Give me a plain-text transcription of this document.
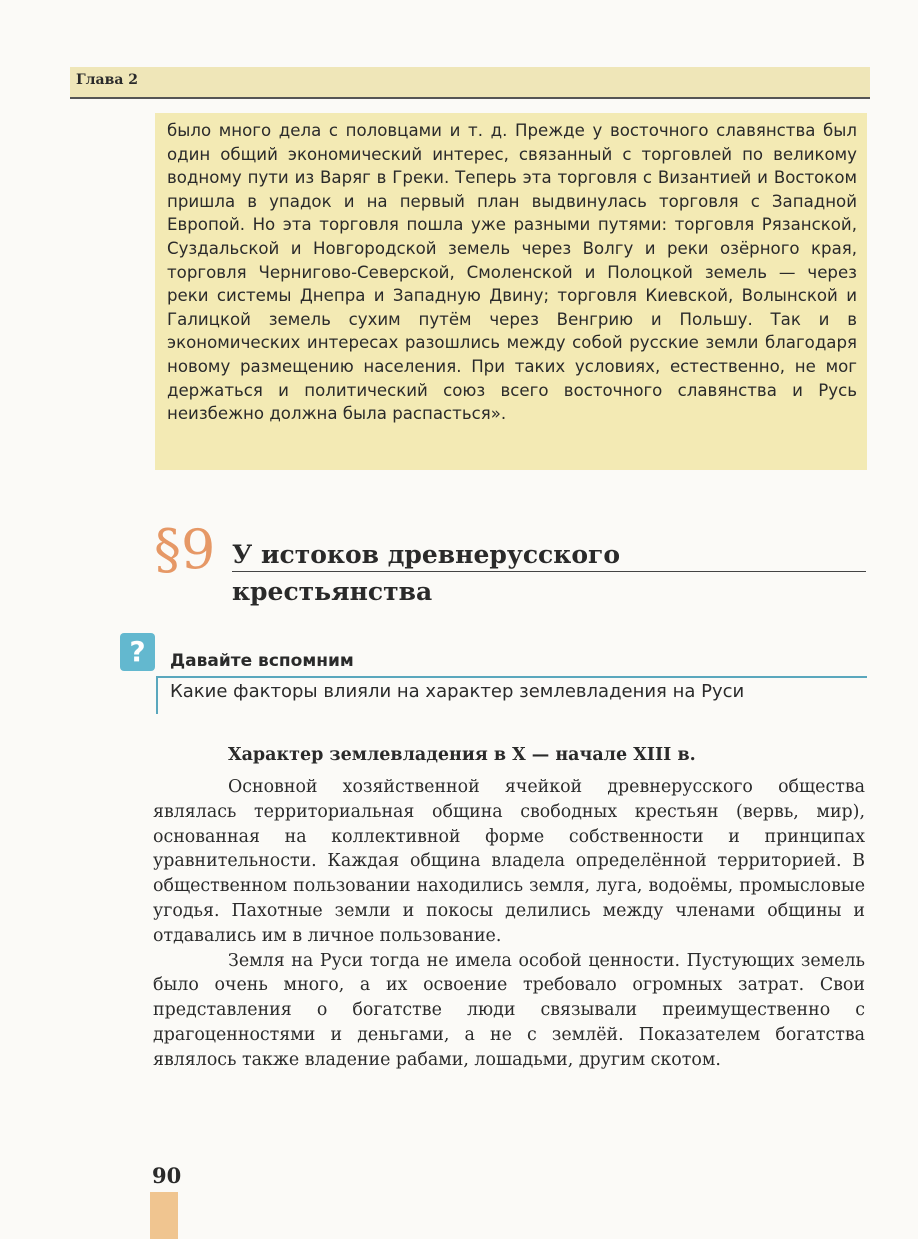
Глава 2
было много дела с половцами и т. д. Прежде у восточного славянства был один общий экономический интерес, связанный с торговлей по великому водному пути из Варяг в Греки. Теперь эта торговля с Византией и Востоком пришла в упадок и на первый план выдвинулась торговля с Западной Европой. Но эта торговля пошла уже разными путями: торговля Рязанской, Суздальской и Новгородской земель через Волгу и реки озёрного края, торговля Чернигово-Северской, Смоленской и Полоцкой земель — через реки системы Днепра и Западную Двину; торговля Киевской, Волынской и Галицкой земель сухим путём через Венгрию и Польшу. Так и в экономических интересах разошлись между собой русские земли благодаря новому размещению населения. При таких условиях, естественно, не мог держаться и политический союз всего восточного славянства и Русь неизбежно должна была распасться».
§9 У истоков древнерусского
крестьянства
?	Давайте вспомним
Какие факторы влияли на характер землевладения на Руси
Характер землевладения в X — начале XIII в.

Основной хозяйственной ячейкой древнерусского общества являлась территориальная община свободных крестьян (вервь, мир), основанная на коллективной форме собственности и принципах уравнительности. Каждая община владела определённой территорией. В общественном пользовании находились земля, луга, водоёмы, промысловые угодья. Пахотные земли и покосы делились между членами общины и отдавались им в личное пользование.

Земля на Руси тогда не имела особой ценности. Пустующих земель было очень много, а их освоение требовало огромных затрат. Свои представления о богатстве люди связывали преимущественно с драгоценностями и деньгами, а не с землёй. Показателем богатства являлось также владение рабами, лошадьми, другим скотом.

90
